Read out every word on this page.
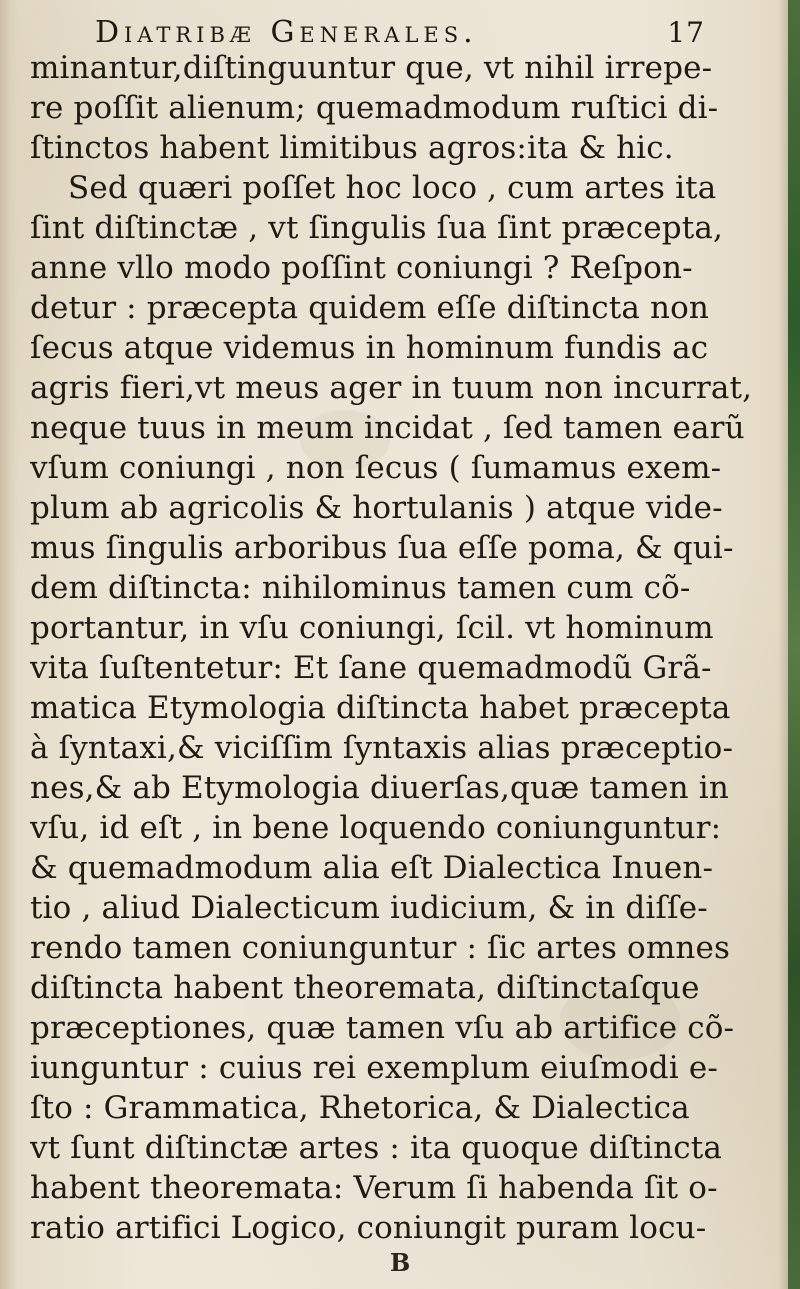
Diatribæ Generales.	17
minantur,diſtinguuntur que, vt nihil irrepe-
re poſſit alienum; quemadmodum ruſtici di-
ſtinctos habent limitibus agros:ita & hic.
Sed quæri poſſet hoc loco , cum artes ita
ſint diſtinctæ , vt ſingulis ſua ſint præcepta,
anne vllo modo poſſint coniungi ? Reſpon-
detur : præcepta quidem eſſe diſtincta non
ſecus atque videmus in hominum fundis ac
agris fieri,vt meus ager in tuum non incurrat,
neque tuus in meum incidat , ſed tamen earũ
vſum coniungi , non ſecus ( ſumamus exem-
plum ab agricolis & hortulanis ) atque vide-
mus ſingulis arboribus ſua eſſe poma, & qui-
dem diſtincta: nihilominus tamen cum cõ-
portantur, in vſu coniungi, ſcil. vt hominum
vita ſuſtentetur: Et ſane quemadmodũ Grã-
matica Etymologia diſtincta habet præcepta
à ſyntaxi,& viciſſim ſyntaxis alias præceptio-
nes,& ab Etymologia diuerſas,quæ tamen in
vſu, id eſt , in bene loquendo coniunguntur:
& quemadmodum alia eſt Dialectica Inuen-
tio , aliud Dialecticum iudicium, & in diſſe-
rendo tamen coniunguntur : ſic artes omnes
diſtincta habent theoremata, diſtinctaſque
præceptiones, quæ tamen vſu ab artifice cõ-
iunguntur : cuius rei exemplum eiuſmodi e-
ſto : Grammatica, Rhetorica, & Dialectica
vt ſunt diſtinctæ artes : ita quoque diſtincta
habent theoremata: Verum ſi habenda ſit o-
ratio artifici Logico, coniungit puram locu-
B
